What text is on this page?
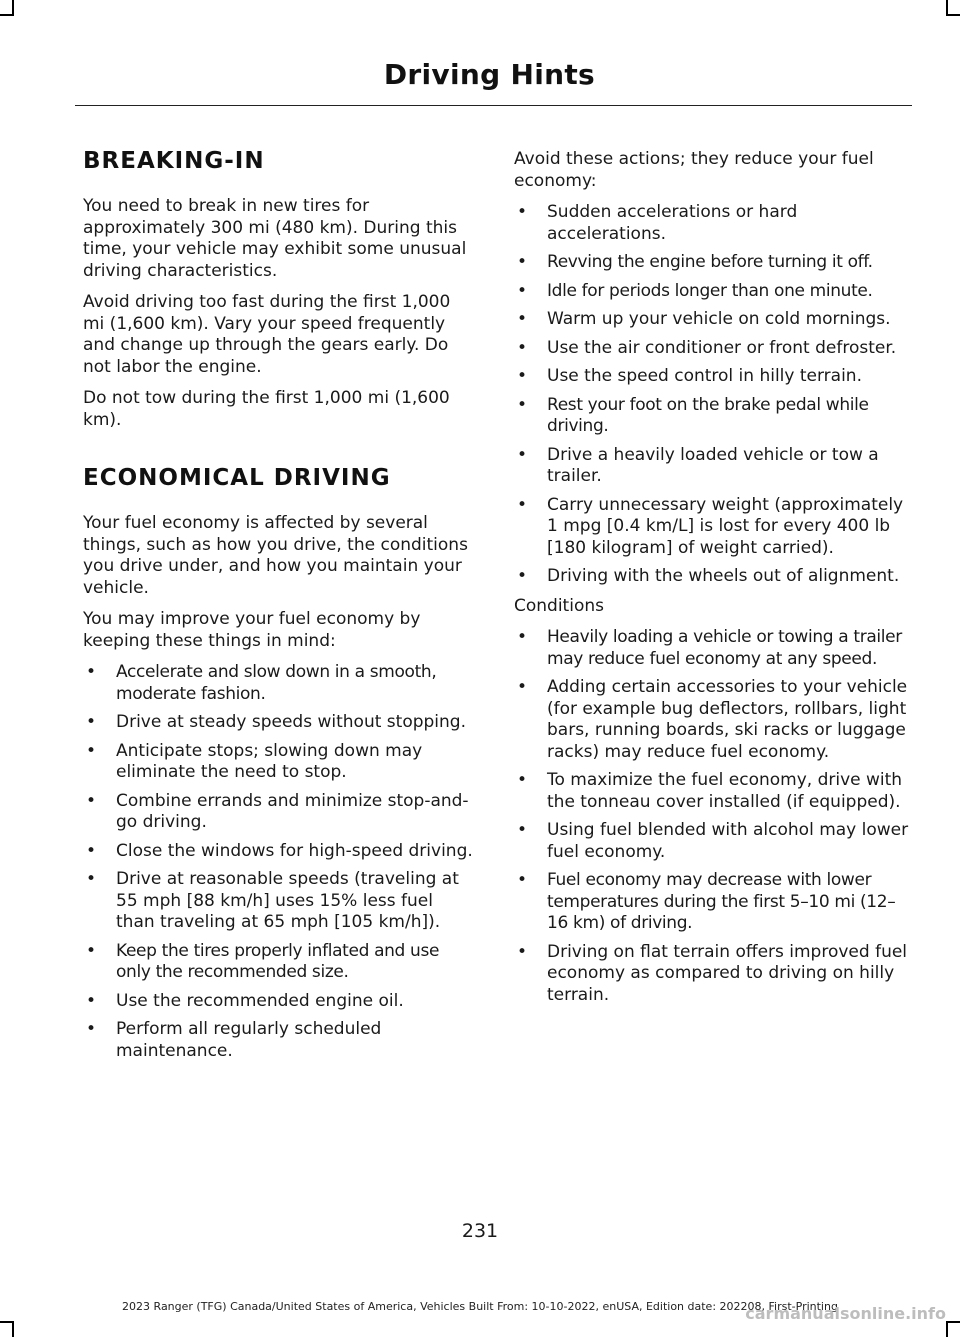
Driving Hints
BREAKING-IN

You need to break in new tires for approximately 300 mi (480 km). During this time, your vehicle may exhibit some unusual driving characteristics.

Avoid driving too fast during the first 1,000 mi (1,600 km). Vary your speed frequently and change up through the gears early. Do not labor the engine.

Do not tow during the first 1,000 mi (1,600 km).

ECONOMICAL DRIVING

Your fuel economy is affected by several things, such as how you drive, the conditions you drive under, and how you maintain your vehicle.

You may improve your fuel economy by keeping these things in mind:

• Accelerate and slow down in a smooth, moderate fashion.
• Drive at steady speeds without stopping.
• Anticipate stops; slowing down may eliminate the need to stop.
• Combine errands and minimize stop-and-go driving.
• Close the windows for high-speed driving.
• Drive at reasonable speeds (traveling at 55 mph [88 km/h] uses 15% less fuel than traveling at 65 mph [105 km/h]).
• Keep the tires properly inflated and use only the recommended size.
• Use the recommended engine oil.
• Perform all regularly scheduled maintenance.

Avoid these actions; they reduce your fuel economy:

• Sudden accelerations or hard accelerations.
• Revving the engine before turning it off.
• Idle for periods longer than one minute.
• Warm up your vehicle on cold mornings.
• Use the air conditioner or front defroster.
• Use the speed control in hilly terrain.
• Rest your foot on the brake pedal while driving.
• Drive a heavily loaded vehicle or tow a trailer.
• Carry unnecessary weight (approximately 1 mpg [0.4 km/L] is lost for every 400 lb [180 kilogram] of weight carried).
• Driving with the wheels out of alignment.

Conditions

• Heavily loading a vehicle or towing a trailer may reduce fuel economy at any speed.
• Adding certain accessories to your vehicle (for example bug deflectors, rollbars, light bars, running boards, ski racks or luggage racks) may reduce fuel economy.
• To maximize the fuel economy, drive with the tonneau cover installed (if equipped).
• Using fuel blended with alcohol may lower fuel economy.
• Fuel economy may decrease with lower temperatures during the first 5–10 mi (12–16 km) of driving.
• Driving on flat terrain offers improved fuel economy as compared to driving on hilly terrain.
231
2023 Ranger (TFG) Canada/United States of America, Vehicles Built From: 10-10-2022, enUSA, Edition date: 202208, First-Printing
carmanualsonline.info
